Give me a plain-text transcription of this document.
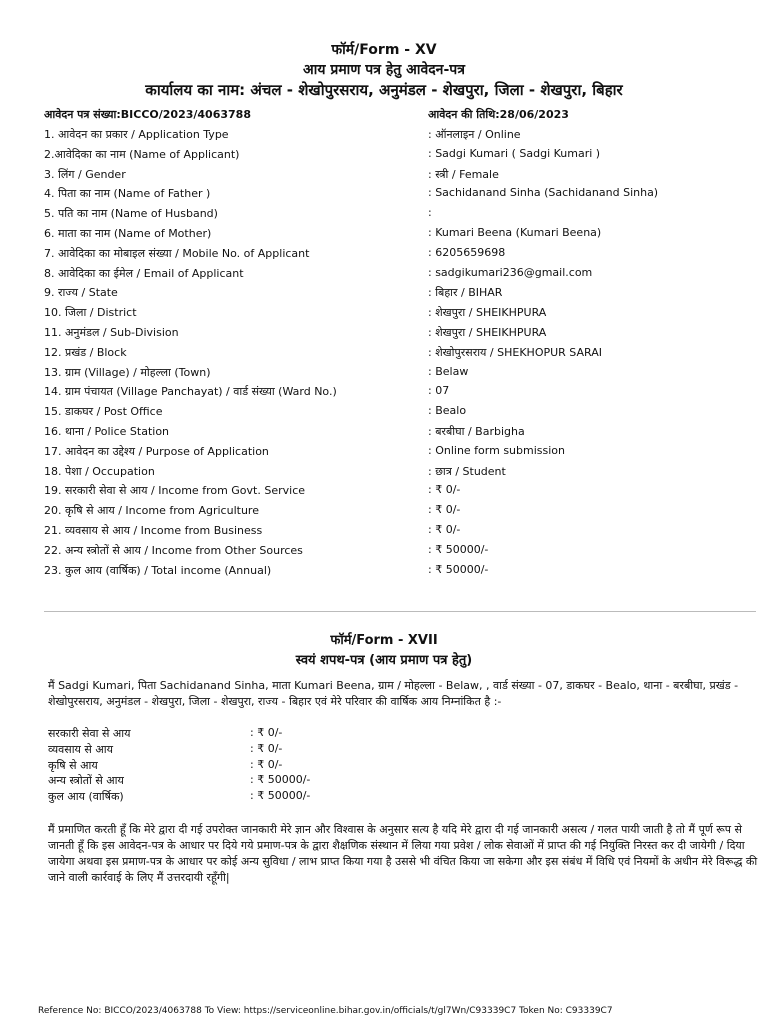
फॉर्म/Form - XV
आय प्रमाण पत्र हेतु आवेदन-पत्र
कार्यालय का नाम: अंचल - शेखोपुरसराय, अनुमंडल - शेखपुरा, जिला - शेखपुरा, बिहार
आवेदन पत्र संख्या:BICCO/2023/4063788	आवेदन की तिथि:28/06/2023
1. आवेदन का प्रकार / Application Type	: ऑनलाइन / Online
2.आवेदिका का नाम (Name of Applicant)	: Sadgi Kumari ( Sadgi Kumari )
3. लिंग / Gender	: स्त्री / Female
4. पिता का नाम (Name of Father )	: Sachidanand Sinha (Sachidanand Sinha)
5. पति का नाम (Name of Husband)	:
6. माता का नाम (Name of Mother)	: Kumari Beena (Kumari Beena)
7. आवेदिका का मोबाइल संख्या / Mobile No. of Applicant	: 6205659698
8. आवेदिका का ईमेल / Email of Applicant	: sadgikumari236@gmail.com
9. राज्य / State	: बिहार / BIHAR
10. जिला / District	: शेखपुरा / SHEIKHPURA
11. अनुमंडल / Sub-Division	: शेखपुरा / SHEIKHPURA
12. प्रखंड / Block	: शेखोपुरसराय / SHEKHOPUR SARAI
13. ग्राम (Village) / मोहल्ला (Town)	: Belaw
14. ग्राम पंचायत (Village Panchayat) / वार्ड संख्या (Ward No.)	: 07
15. डाकघर / Post Office	: Bealo
16. थाना / Police Station	: बरबीघा / Barbigha
17. आवेदन का उद्देश्य / Purpose of Application	: Online form submission
18. पेशा / Occupation	: छात्र / Student
19. सरकारी सेवा से आय / Income from Govt. Service	: ₹ 0/-
20. कृषि से आय / Income from Agriculture	: ₹ 0/-
21. व्यवसाय से आय / Income from Business	: ₹ 0/-
22. अन्य स्त्रोतों से आय / Income from Other Sources	: ₹ 50000/-
23. कुल आय (वार्षिक) / Total income (Annual)	: ₹ 50000/-
फॉर्म/Form - XVII
स्वयं शपथ-पत्र (आय प्रमाण पत्र हेतु)
मैं Sadgi Kumari, पिता Sachidanand Sinha, माता Kumari Beena, ग्राम / मोहल्ला - Belaw, , वार्ड संख्या - 07, डाकघर - Bealo, थाना - बरबीघा, प्रखंड - शेखोपुरसराय, अनुमंडल - शेखपुरा, जिला - शेखपुरा, राज्य - बिहार एवं मेरे परिवार की वार्षिक आय निम्नांकित है :-
सरकारी सेवा से आय	: ₹ 0/-
व्यवसाय से आय	: ₹ 0/-
कृषि से आय	: ₹ 0/-
अन्य स्त्रोतों से आय	: ₹ 50000/-
कुल आय (वार्षिक)	: ₹ 50000/-
मैं प्रमाणित करती हूँ कि मेरे द्वारा दी गई उपरोक्त जानकारी मेरे ज्ञान और विश्वास के अनुसार सत्य है यदि मेरे द्वारा दी गई जानकारी असत्य / गलत पायी जाती है तो मैं पूर्ण रूप से जानती हूँ कि इस आवेदन-पत्र के आधार पर दिये गये प्रमाण-पत्र के द्वारा शैक्षणिक संस्थान में लिया गया प्रवेश / लोक सेवाओं में प्राप्त की गई नियुक्ति निरस्त कर दी जायेगी / दिया जायेगा अथवा इस प्रमाण-पत्र के आधार पर कोई अन्य सुविधा / लाभ प्राप्त किया गया है उससे भी वंचित किया जा सकेगा और इस संबंध में विधि एवं नियमों के अधीन मेरे विरूद्ध की जाने वाली कार्रवाई के लिए मैं उत्तरदायी रहूँगी|
Reference No: BICCO/2023/4063788 To View: https://serviceonline.bihar.gov.in/officials/t/gl7Wn/C93339C7 Token No: C93339C7
